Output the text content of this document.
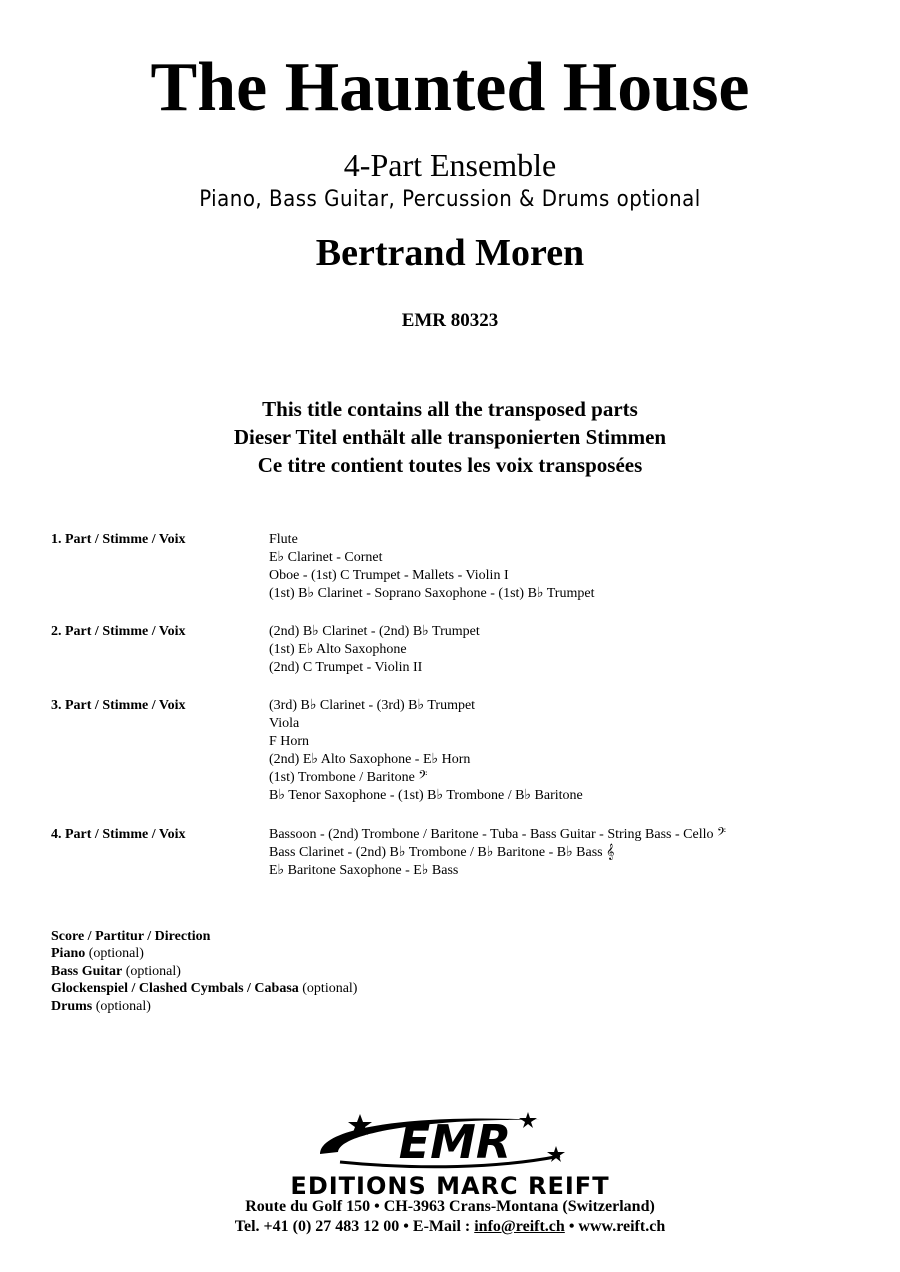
The Haunted House
4-Part Ensemble
Piano, Bass Guitar, Percussion & Drums optional
Bertrand Moren
EMR 80323
This title contains all the transposed parts
Dieser Titel enthält alle transponierten Stimmen
Ce titre contient toutes les voix transposées
1. Part / Stimme / Voix	Flute
E♭ Clarinet - Cornet
Oboe - (1st) C Trumpet - Mallets - Violin I
(1st) B♭ Clarinet - Soprano Saxophone - (1st) B♭ Trumpet
2. Part / Stimme / Voix	(2nd) B♭ Clarinet - (2nd) B♭ Trumpet
(1st) E♭ Alto Saxophone
(2nd) C Trumpet - Violin II
3. Part / Stimme / Voix	(3rd) B♭ Clarinet - (3rd) B♭ Trumpet
Viola
F Horn
(2nd) E♭ Alto Saxophone - E♭ Horn
(1st) Trombone / Baritone 𝄢
B♭ Tenor Saxophone - (1st) B♭ Trombone / B♭ Baritone
4. Part / Stimme / Voix	Bassoon - (2nd) Trombone / Baritone - Tuba - Bass Guitar - String Bass - Cello 𝄢
Bass Clarinet - (2nd) B♭ Trombone / B♭ Baritone - B♭ Bass 𝄞
E♭ Baritone Saxophone - E♭ Bass
Score / Partitur / Direction
Piano (optional)
Bass Guitar (optional)
Glockenspiel / Clashed Cymbals / Cabasa (optional)
Drums (optional)
EMR
EDITIONS MARC REIFT
Route du Golf 150 • CH-3963 Crans-Montana (Switzerland)
Tel. +41 (0) 27 483 12 00 • E-Mail : info@reift.ch • www.reift.ch
